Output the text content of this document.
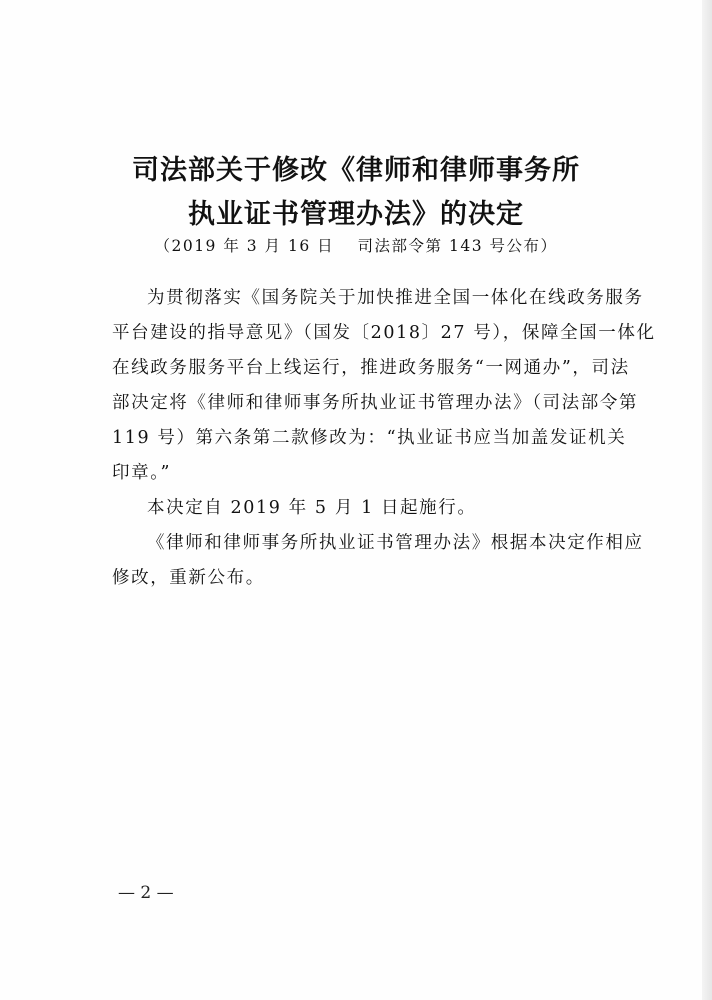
司法部关于修改《律师和律师事务所
执业证书管理办法》的决定
（2019 年 3 月 16 日　 司法部令第 143 号公布）
为贯彻落实《国务院关于加快推进全国一体化在线政务服务
平台建设的指导意见》（国发〔2018〕27 号），保障全国一体化
在线政务服务平台上线运行，推进政务服务“一网通办”，司法
部决定将《律师和律师事务所执业证书管理办法》（司法部令第
119 号）第六条第二款修改为：“执业证书应当加盖发证机关
印章。”
本决定自 2019 年 5 月 1 日起施行。
《律师和律师事务所执业证书管理办法》根据本决定作相应
修改，重新公布。
— 2 —
